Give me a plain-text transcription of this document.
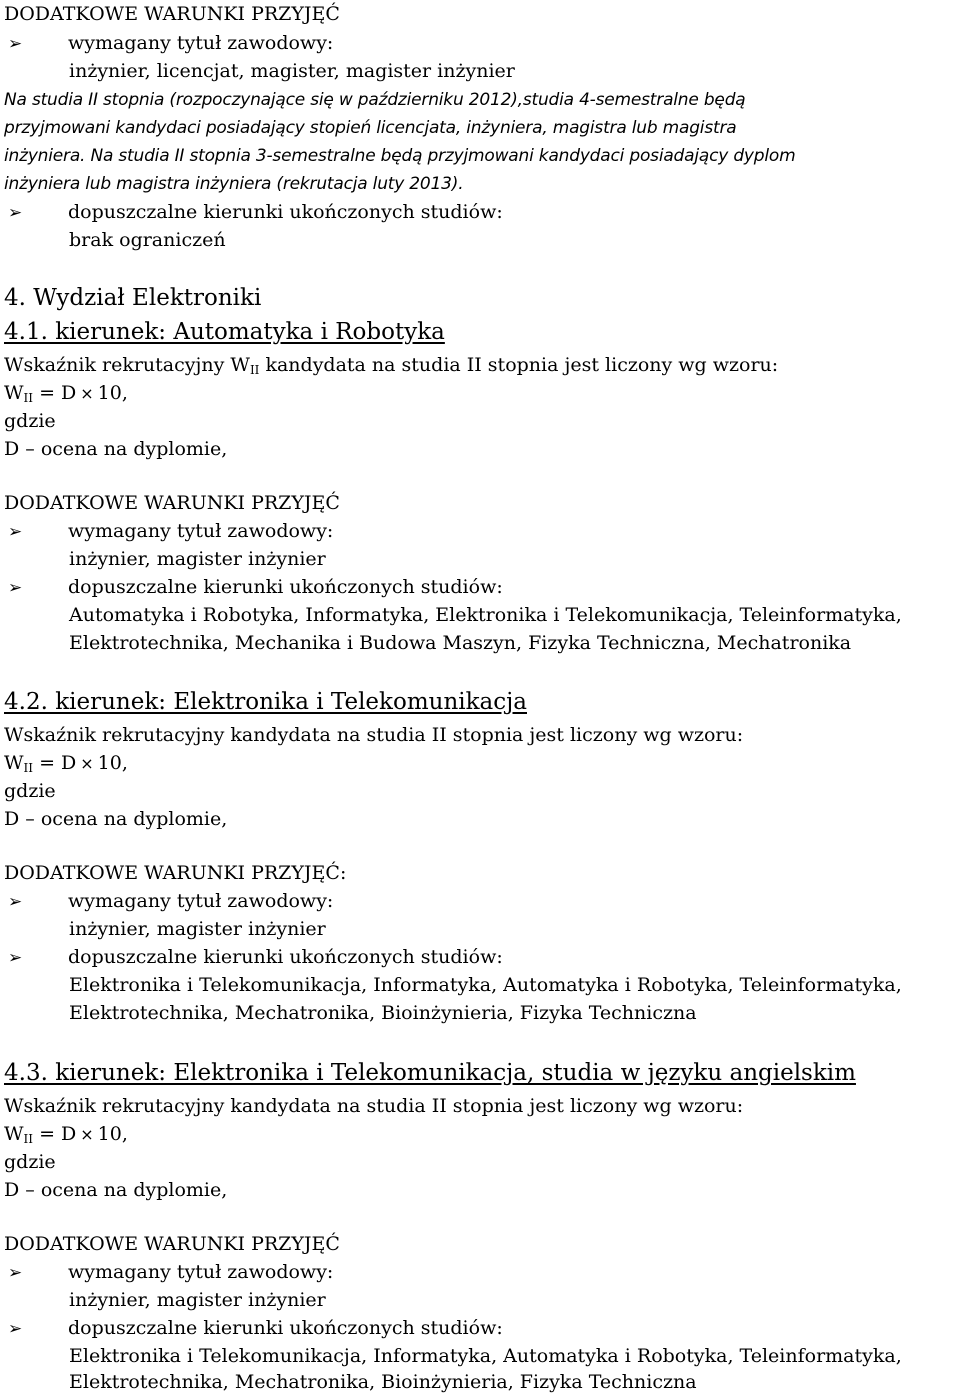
DODATKOWE WARUNKI PRZYJĘĆ
➢ wymagany tytuł zawodowy:
inżynier, licencjat, magister, magister inżynier
Na studia II stopnia (rozpoczynające się w październiku 2012),studia 4-semestralne będą
przyjmowani kandydaci posiadający stopień licencjata, inżyniera, magistra lub magistra
inżyniera. Na studia II stopnia 3-semestralne będą przyjmowani kandydaci posiadający dyplom
inżyniera lub magistra inżyniera (rekrutacja luty 2013).
➢ dopuszczalne kierunki ukończonych studiów:
brak ograniczeń
4. Wydział Elektroniki
4.1. kierunek: Automatyka i Robotyka
Wskaźnik rekrutacyjny $W_{II}$ kandydata na studia II stopnia jest liczony wg wzoru:
$W_{II} = D \times 10$,
gdzie
D – ocena na dyplomie,
DODATKOWE WARUNKI PRZYJĘĆ
➢ wymagany tytuł zawodowy:
inżynier, magister inżynier
➢ dopuszczalne kierunki ukończonych studiów:
Automatyka i Robotyka, Informatyka, Elektronika i Telekomunikacja, Teleinformatyka,
Elektrotechnika, Mechanika i Budowa Maszyn, Fizyka Techniczna, Mechatronika
4.2. kierunek: Elektronika i Telekomunikacja
Wskaźnik rekrutacyjny kandydata na studia II stopnia jest liczony wg wzoru:
$W_{II} = D \times 10$,
gdzie
D – ocena na dyplomie,
DODATKOWE WARUNKI PRZYJĘĆ:
➢ wymagany tytuł zawodowy:
inżynier, magister inżynier
➢ dopuszczalne kierunki ukończonych studiów:
Elektronika i Telekomunikacja, Informatyka, Automatyka i Robotyka, Teleinformatyka,
Elektrotechnika, Mechatronika, Bioinżynieria, Fizyka Techniczna
4.3. kierunek: Elektronika i Telekomunikacja, studia w języku angielskim
Wskaźnik rekrutacyjny kandydata na studia II stopnia jest liczony wg wzoru:
$W_{II} = D \times 10$,
gdzie
D – ocena na dyplomie,
DODATKOWE WARUNKI PRZYJĘĆ
➢ wymagany tytuł zawodowy:
inżynier, magister inżynier
➢ dopuszczalne kierunki ukończonych studiów:
Elektronika i Telekomunikacja, Informatyka, Automatyka i Robotyka, Teleinformatyka,
Elektrotechnika, Mechatronika, Bioinżynieria, Fizyka Techniczna
